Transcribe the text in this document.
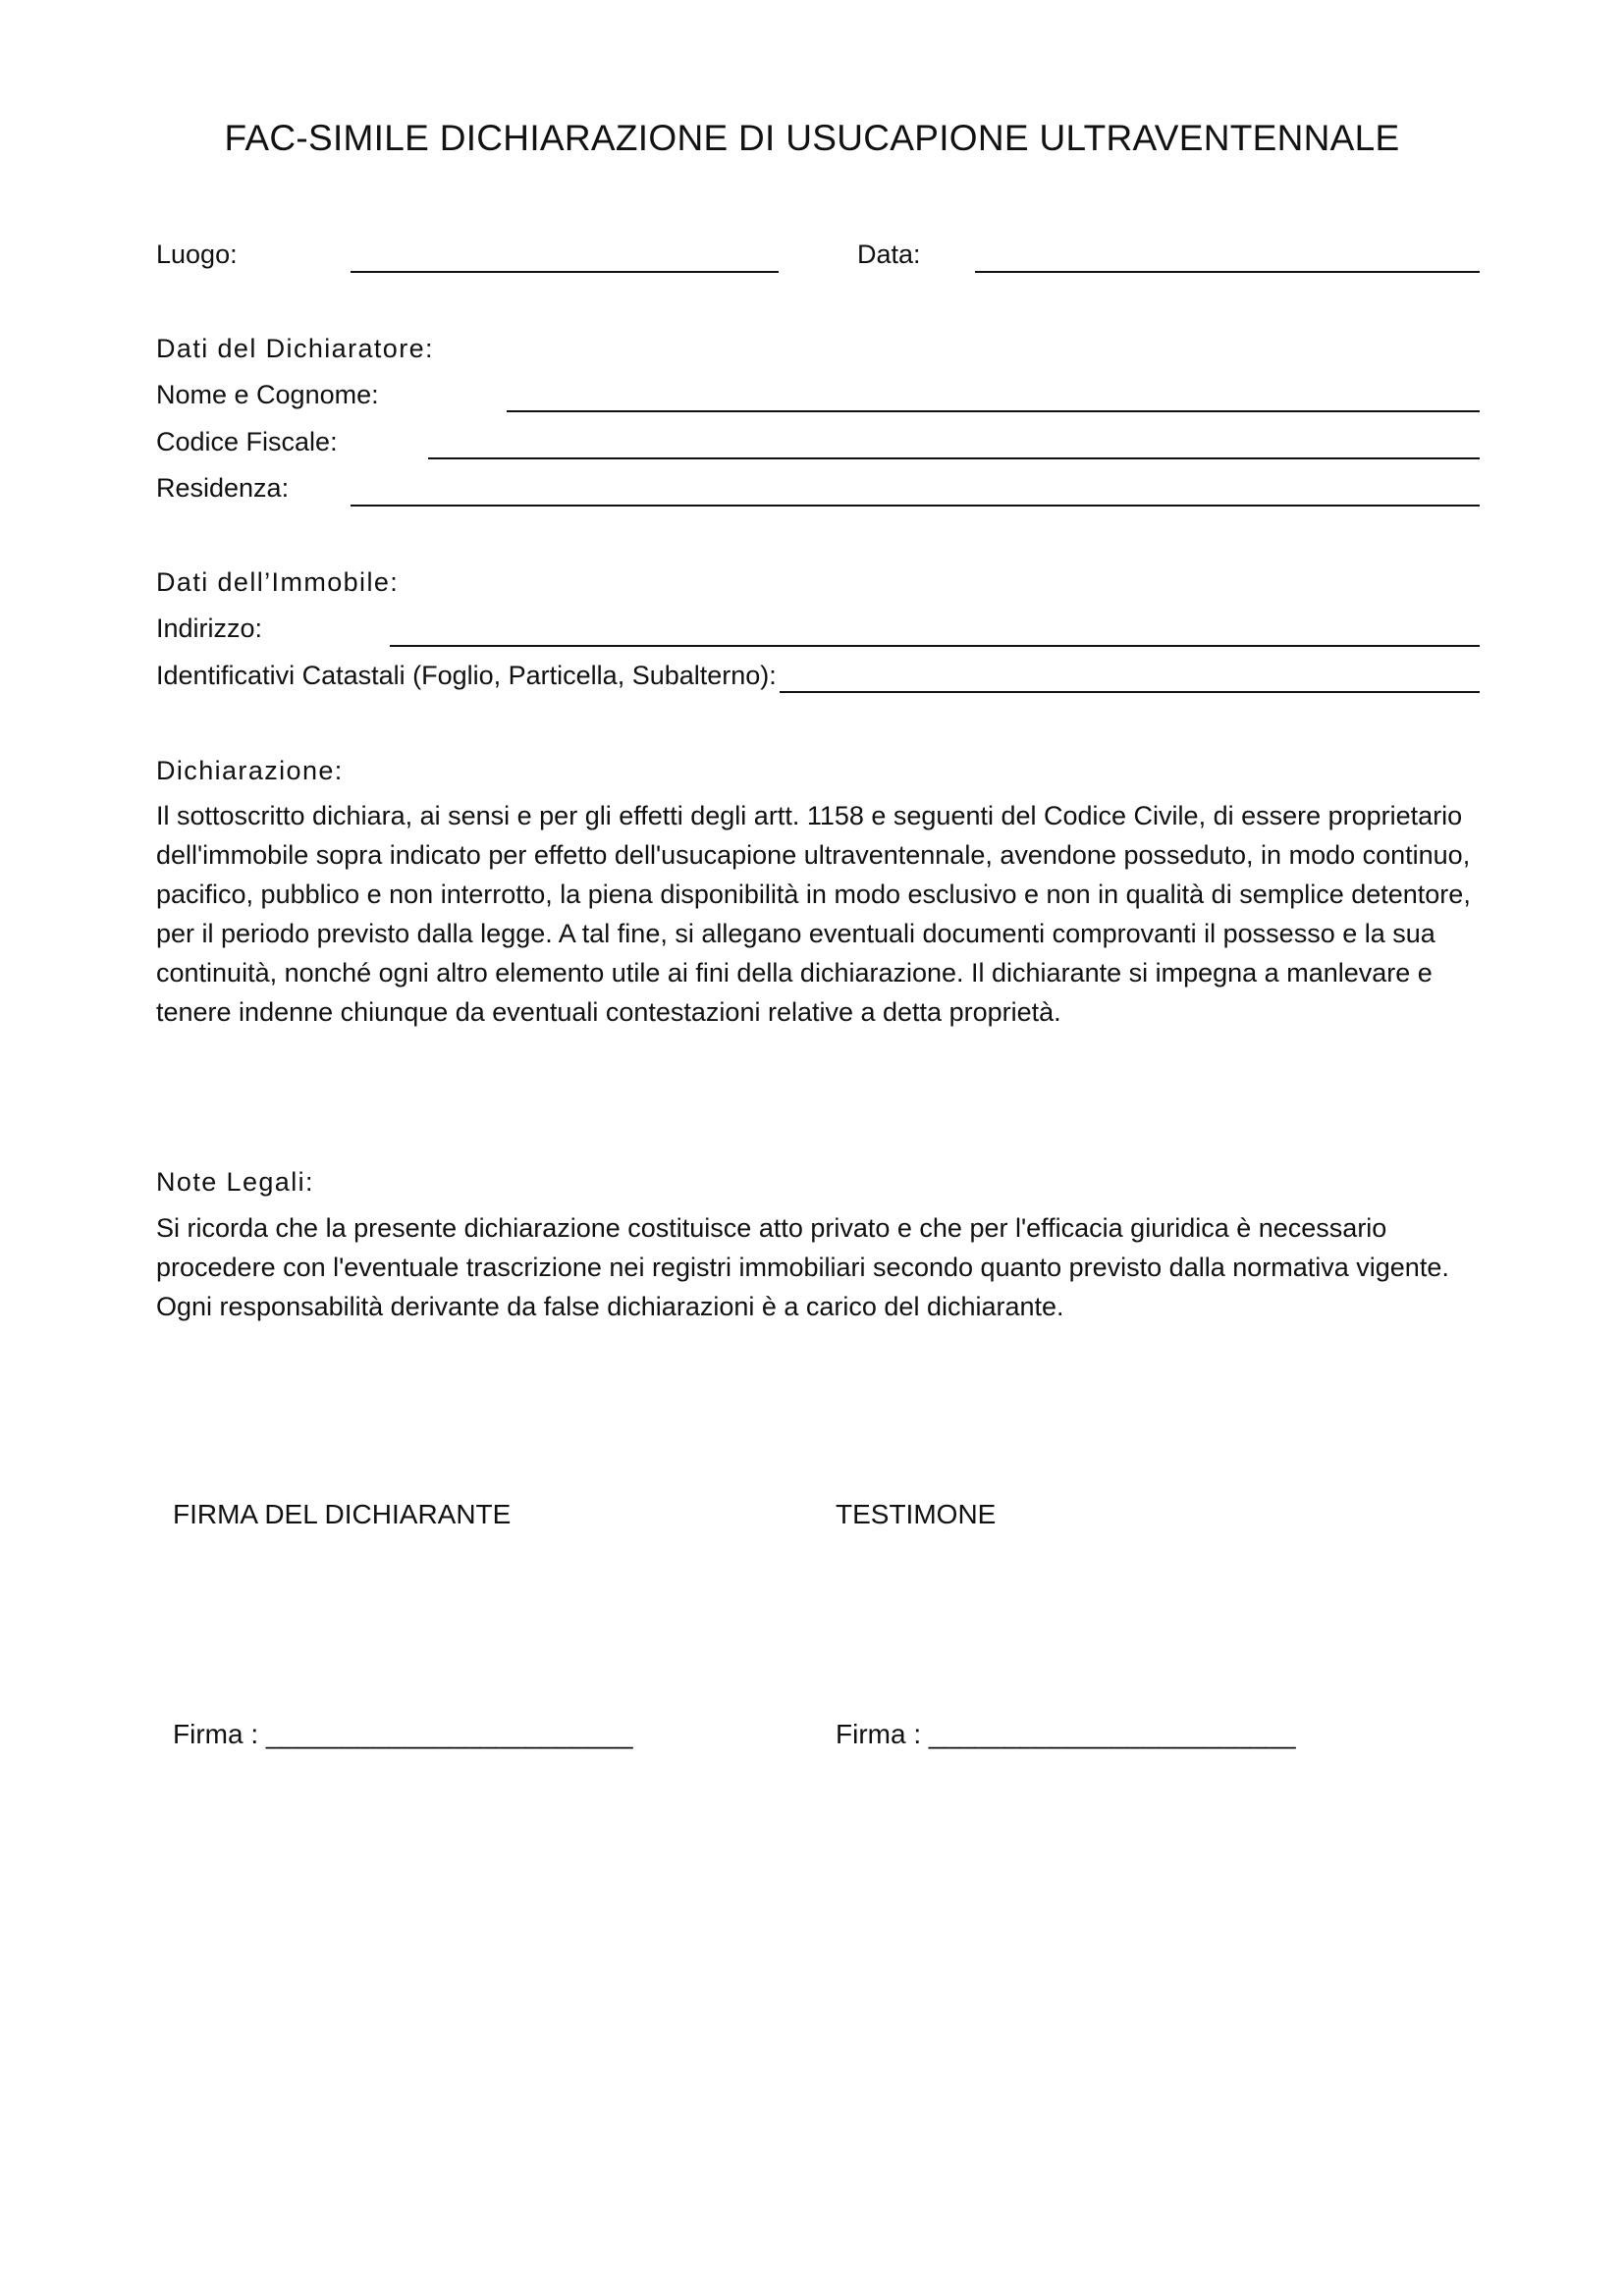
FAC-SIMILE DICHIARAZIONE DI USUCAPIONE ULTRAVENTENNALE
Luogo:	Data:
Dati del Dichiaratore:
Nome e Cognome:
Codice Fiscale:
Residenza:
Dati dell’Immobile:
Indirizzo:
Identificativi Catastali (Foglio, Particella, Subalterno):
Dichiarazione:
Il sottoscritto dichiara, ai sensi e per gli effetti degli artt. 1158 e seguenti del Codice Civile, di essere proprietario dell'immobile sopra indicato per effetto dell'usucapione ultraventennale, avendone posseduto, in modo continuo, pacifico, pubblico e non interrotto, la piena disponibilità in modo esclusivo e non in qualità di semplice detentore, per il periodo previsto dalla legge. A tal fine, si allegano eventuali documenti comprovanti il possesso e la sua continuità, nonché ogni altro elemento utile ai fini della dichiarazione. Il dichiarante si impegna a manlevare e tenere indenne chiunque da eventuali contestazioni relative a detta proprietà.
Note Legali:
Si ricorda che la presente dichiarazione costituisce atto privato e che per l'efficacia giuridica è necessario procedere con l'eventuale trascrizione nei registri immobiliari secondo quanto previsto dalla normativa vigente. Ogni responsabilità derivante da false dichiarazioni è a carico del dichiarante.
FIRMA DEL DICHIARANTE	TESTIMONE
Firma : ________________________	Firma : ________________________
